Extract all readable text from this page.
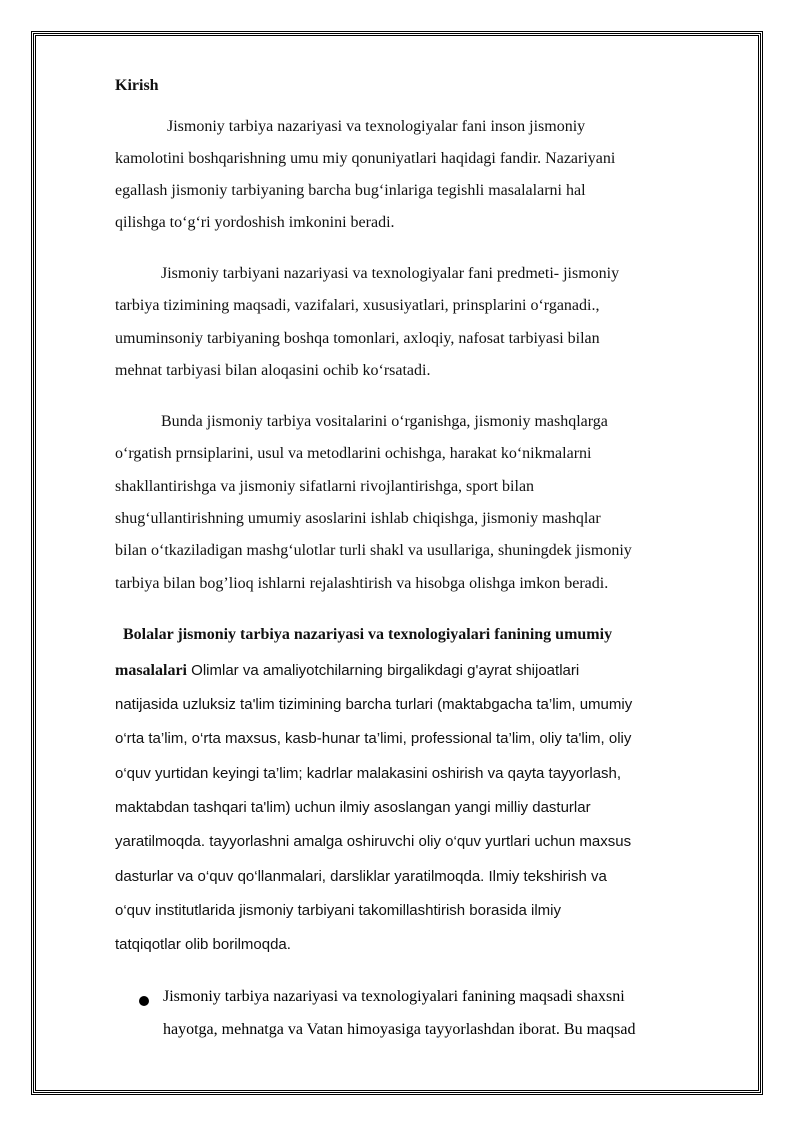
Kirish
Jismoniy tarbiya nazariyasi va texnologiyalar fani inson jismoniy
kamolotini boshqarishning umu miy qonuniyatlari haqidagi fandir. Nazariyani
egallash jismoniy tarbiyaning barcha bug‘inlariga tegishli masalalarni hal
qilishga to‘g‘ri yordoshish imkonini beradi.
Jismoniy tarbiyani nazariyasi va texnologiyalar fani predmeti- jismoniy
tarbiya tizimining maqsadi, vazifalari, xususiyatlari, prinsplarini o‘rganadi.,
umuminsoniy tarbiyaning boshqa tomonlari, axloqiy, nafosat tarbiyasi bilan
mehnat tarbiyasi bilan aloqasini ochib ko‘rsatadi.
Bunda jismoniy tarbiya vositalarini o‘rganishga, jismoniy mashqlarga
o‘rgatish prnsiplarini, usul va metodlarini ochishga, harakat ko‘nikmalarni
shakllantirishga va jismoniy sifatlarni rivojlantirishga, sport bilan
shug‘ullantirishning umumiy asoslarini ishlab chiqishga, jismoniy mashqlar
bilan o‘tkaziladigan mashg‘ulotlar turli shakl va usullariga, shuningdek jismoniy
tarbiya bilan bog’lioq ishlarni rejalashtirish va hisobga olishga imkon beradi.
Bolalar jismoniy tarbiya nazariyasi va texnologiyalari fanining umumiy
masalalari Olimlar va amaliyotchilarning birgalikdagi g'ayrat shijoatlari
natijasida uzluksiz ta'lim tizimining barcha turlari (maktabgacha ta’lim, umumiy
o‘rta ta’lim, o‘rta maxsus, kasb-hunar ta’limi, professional ta’lim, oliy ta'lim, oliy
o‘quv yurtidan keyingi ta’lim; kadrlar malakasini oshirish va qayta tayyorlash,
maktabdan tashqari ta'lim) uchun ilmiy asoslangan yangi milliy dasturlar
yaratilmoqda. tayyorlashni amalga oshiruvchi oliy o‘quv yurtlari uchun maxsus
dasturlar va o‘quv qo‘llanmalari, darsliklar yaratilmoqda. Ilmiy tekshirish va
o‘quv institutlarida jismoniy tarbiyani takomillashtirish borasida ilmiy
tatqiqotlar olib borilmoqda.
Jismoniy tarbiya nazariyasi va texnologiyalari fanining maqsadi shaxsni
hayotga, mehnatga va Vatan himoyasiga tayyorlashdan iborat. Bu maqsad
